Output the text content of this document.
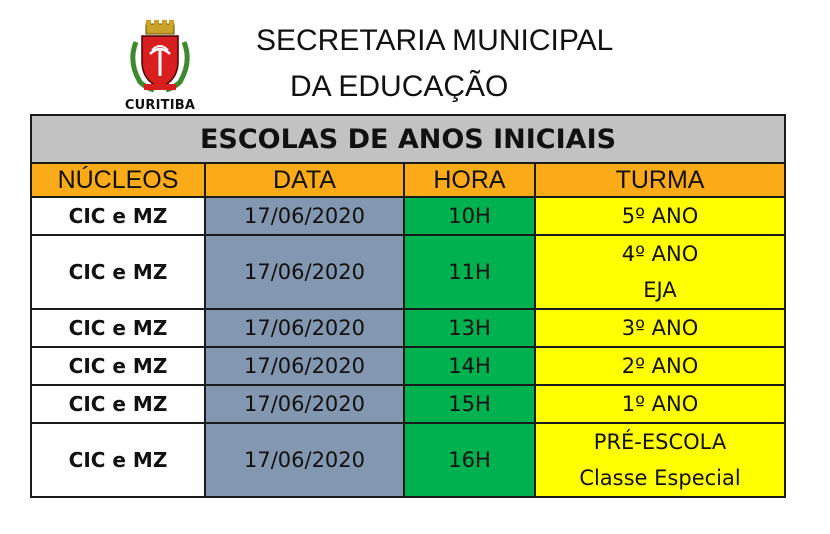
CURITIBA
SECRETARIA MUNICIPAL
DA EDUCAÇÃO
ESCOLAS DE ANOS INICIAIS			
NÚCLEOS	DATA	HORA	TURMA
CIC e MZ	17/06/2020	10H	5º ANO

CIC e MZ	17/06/2020	11H	4º ANO
EJA

CIC e MZ	17/06/2020	13H	3º ANO

CIC e MZ	17/06/2020	14H	2º ANO

CIC e MZ	17/06/2020	15H	1º ANO

CIC e MZ	17/06/2020	16H	PRÉ-ESCOLA
Classe Especial
